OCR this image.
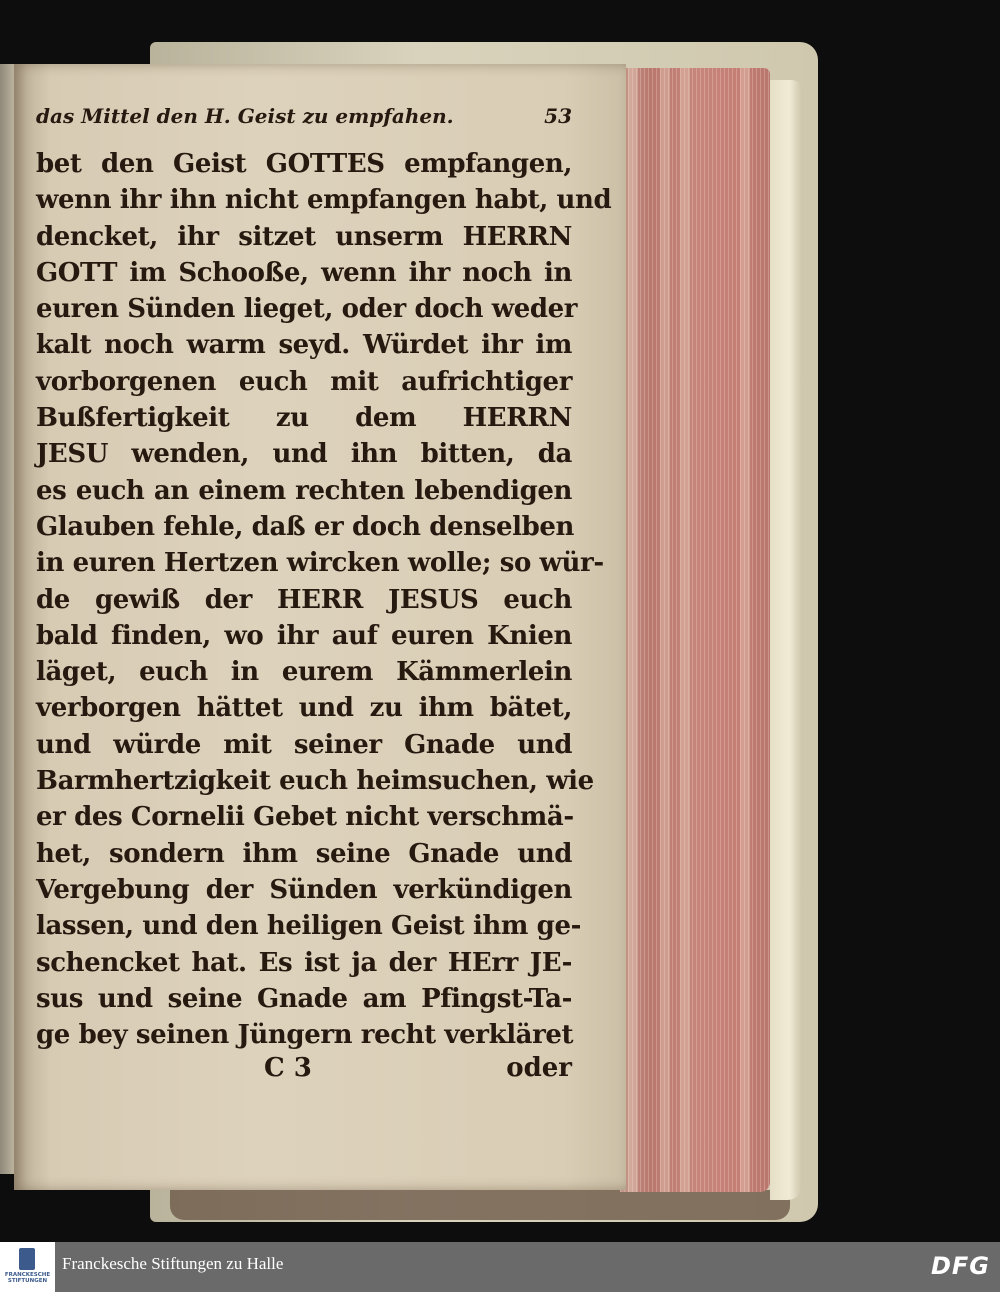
das Mittel den H. Geist zu empfahen.	53
bet den Geist GOTTES empfangen,
wenn ihr ihn nicht empfangen habt, und
dencket, ihr sitzet unserm HERRN
GOTT im Schooße, wenn ihr noch in
euren Sünden lieget, oder doch weder
kalt noch warm seyd. Würdet ihr im
vorborgenen euch mit aufrichtiger
Bußfertigkeit zu dem HERRN
JESU wenden, und ihn bitten, da
es euch an einem rechten lebendigen
Glauben fehle, daß er doch denselben
in euren Hertzen wircken wolle; so wür-
de gewiß der HERR JESUS euch
bald finden, wo ihr auf euren Knien
läget, euch in eurem Kämmerlein
verborgen hättet und zu ihm bätet,
und würde mit seiner Gnade und
Barmhertzigkeit euch heimsuchen, wie
er des Cornelii Gebet nicht verschmä-
het, sondern ihm seine Gnade und
Vergebung der Sünden verkündigen
lassen, und den heiligen Geist ihm ge-
schencket hat. Es ist ja der HErr JE-
sus und seine Gnade am Pfingst-Ta-
ge bey seinen Jüngern recht verkläret
C 3	oder
FRANCKESCHE STIFTUNGEN
Franckesche Stiftungen zu Halle	DFG
